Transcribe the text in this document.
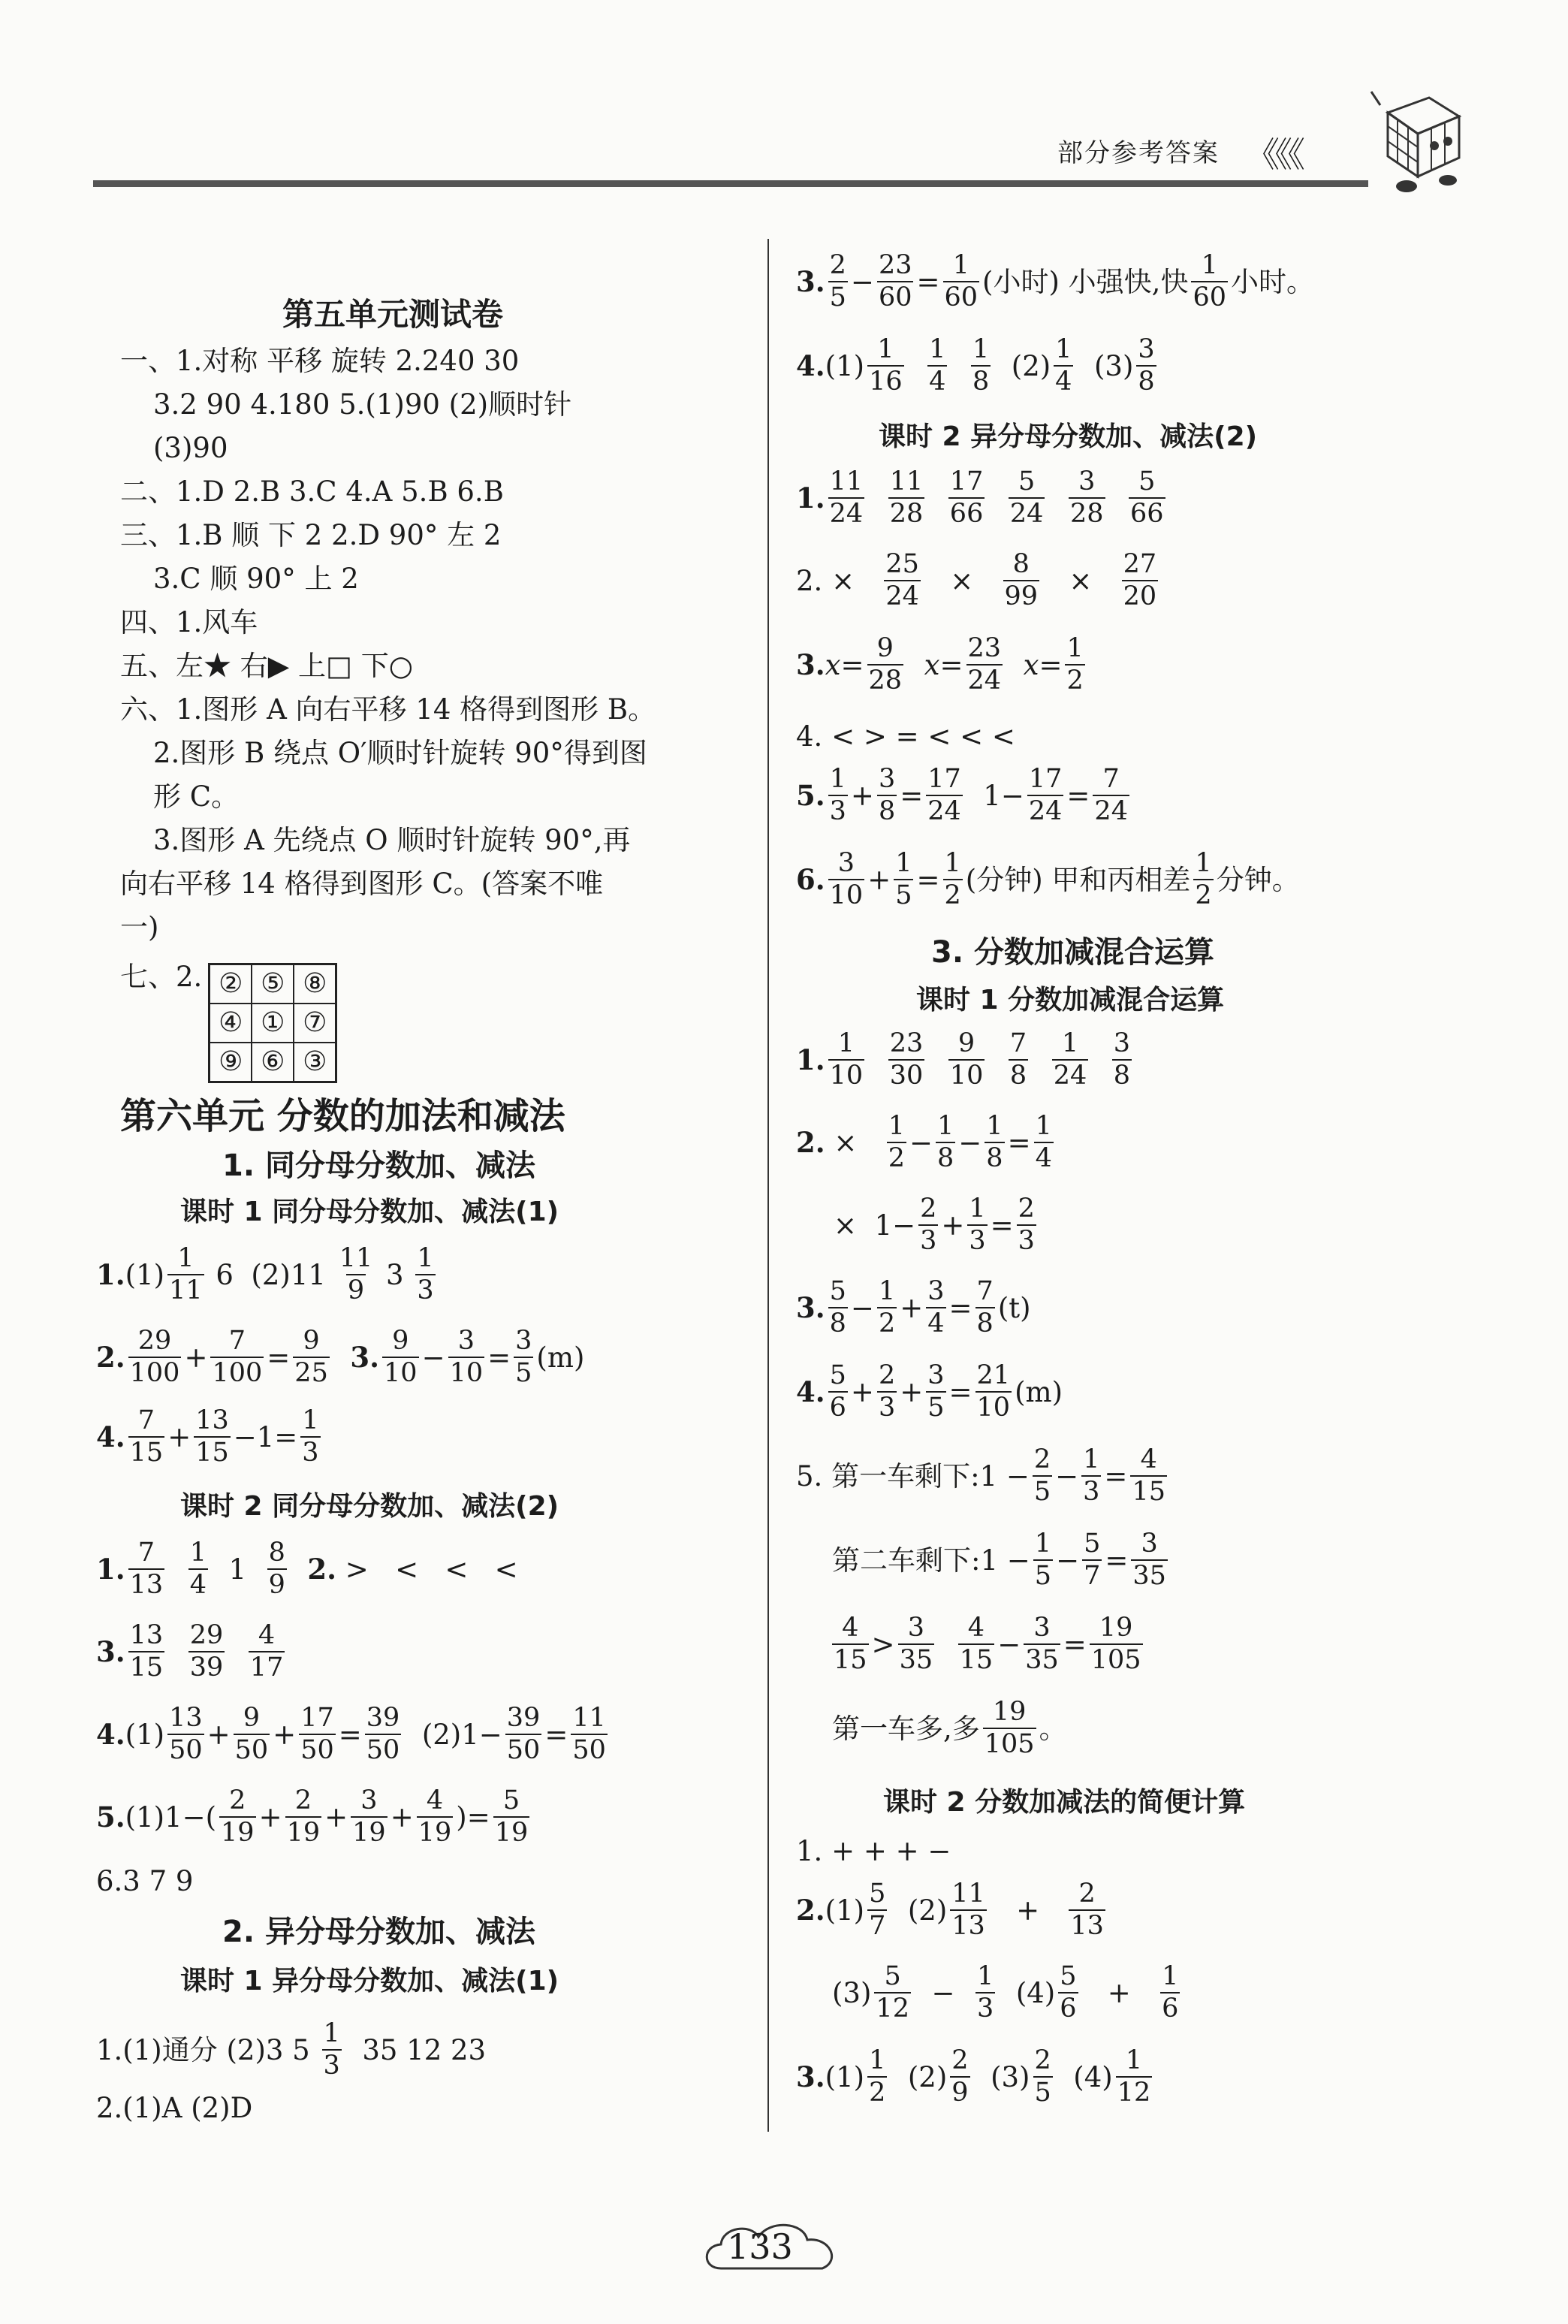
部分参考答案 《《《
第五单元测试卷
一、1.对称 平移 旋转 2.240 30
3.2 90 4.180 5.(1)90 (2)顺时针
(3)90
二、1.D 2.B 3.C 4.A 5.B 6.B
三、1.B 顺 下 2 2.D 90° 左 2
3.C 顺 90° 上 2
四、1.风车
五、左★ 右▶ 上□ 下○
六、1.图形 A 向右平移 14 格得到图形 B。
2.图形 B 绕点 O′顺时针旋转 90°得到图
形 C。
3.图形 A 先绕点 O 顺时针旋转 90°,再
向右平移 14 格得到图形 C。(答案不唯
一)
七、2. ② ⑤ ⑧
④ ① ⑦
⑨ ⑥ ③
第六单元 分数的加法和减法
1. 同分母分数加、减法
课时 1 同分母分数加、减法(1)
1. $(1) \frac{1}{11} 6$  $(2)11 \frac{11}{9} 3 \frac{1}{3}$
2. $\frac{29}{100} + \frac{7}{100} = \frac{9}{25}$
3. $\frac{9}{10} - \frac{3}{10} = \frac{3}{5} (m)$
4. $\frac{7}{15} + \frac{13}{15} -1= \frac{1}{3}$
课时 2 同分母分数加、减法(2)
1. $\frac{7}{13}$
$\frac{1}{4} 1 \frac{8}{9}$
2. >   <   <   <
3. $\frac{13}{15}$
$\frac{29}{39}$
$\frac{4}{17}$
4. $(1) \frac{13}{50} + \frac{9}{50} + \frac{17}{50} = \frac{39}{50} (2)1- \frac{39}{50} = \frac{11}{50}$
5. $(1)1-( \frac{2}{19} + \frac{2}{19} + \frac{3}{19} + \frac{4}{19}$ )= $\frac{5}{19}$
6.3 7 9
2. 异分母分数加、减法
课时 1 异分母分数加、减法(1)
1.(1)通分 (2)3 5
$\frac{1}{3}$
35 12 23
2.(1)A (2)D
3. $\frac{2}{5} - \frac{23}{60} = \frac{1}{60}$ (小时) 小强快,快 $\frac{1}{60}$ 小时。
4. $(1) \frac{1}{16}$
$\frac{1}{4}$
$\frac{1}{8} (2) \frac{1}{4} (3) \frac{3}{8}$
课时 2 异分母分数加、减法(2)
1. $\frac{11}{24}$
$\frac{11}{28}$
$\frac{17}{66}$
$\frac{5}{24}$
$\frac{3}{28}$
$\frac{5}{66}$
2. ×
$\frac{25}{24} \times \frac{8}{99} \times \frac{27}{20}$
3. $x = \frac{9}{28}$
$x = \frac{23}{24}$
$x = \frac{1}{2}$
4. < > = < < <
5. $\frac{1}{3} + \frac{3}{8} = \frac{17}{24} 1- \frac{17}{24} = \frac{7}{24}$
6. $\frac{3}{10} + \frac{1}{5} = \frac{1}{2}$ (分钟) 甲和丙相差 $\frac{1}{2}$ 分钟。
3. 分数加减混合运算
课时 1 分数加减混合运算
1. $\frac{1}{10}$
$\frac{23}{30}$
$\frac{9}{10}$
$\frac{7}{8}$
$\frac{1}{24}$
$\frac{3}{8}$
2. × $\frac{1}{2} - \frac{1}{8} - \frac{1}{8} = \frac{1}{4}$
×  $1- \frac{2}{3} + \frac{1}{3} = \frac{2}{3}$
3. $\frac{5}{8} - \frac{1}{2} + \frac{3}{4} = \frac{7}{8} (t)$
4. $\frac{5}{6} + \frac{2}{3} + \frac{3}{5} = \frac{21}{10} (m)$
5. 第一车剩下:1 − $\frac{2}{5} - \frac{1}{3} = \frac{4}{15}$
第二车剩下:1 − $\frac{1}{5} - \frac{5}{7} = \frac{3}{35}$
$\frac{4}{15} > \frac{3}{35}$
$\frac{4}{15} - \frac{3}{35} = \frac{19}{105}$
第一车多,多 $\frac{19}{105}$ 。
课时 2 分数加减法的简便计算
1. + + + −
2. $(1) \frac{5}{7} (2) \frac{11}{13} + \frac{2}{13}$
$(3) \frac{5}{12} - \frac{1}{3} (4) \frac{5}{6} + \frac{1}{6}$
3. $(1) \frac{1}{2} (2) \frac{2}{9} (3) \frac{2}{5} (4) \frac{1}{12}$
133
